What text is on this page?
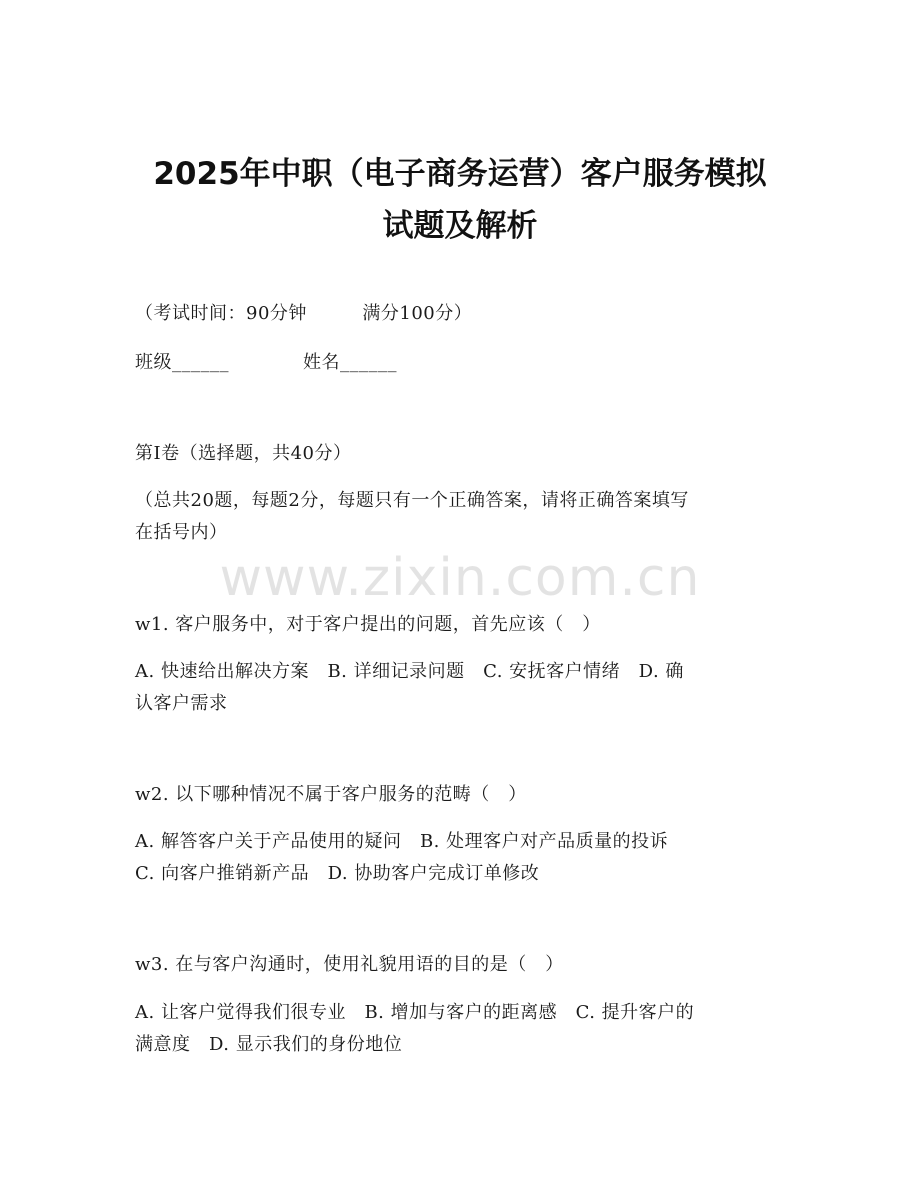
2025年中职（电子商务运营）客户服务模拟
试题及解析
（考试时间：90分钟　　　满分100分）
班级______　　　　姓名______
第I卷（选择题，共40分）
（总共20题，每题2分，每题只有一个正确答案，请将正确答案填写
在括号内）
www.zixin.com.cn
w1. 客户服务中，对于客户提出的问题，首先应该（　）
A. 快速给出解决方案　B. 详细记录问题　C. 安抚客户情绪　D. 确
认客户需求
w2. 以下哪种情况不属于客户服务的范畴（　）
A. 解答客户关于产品使用的疑问　B. 处理客户对产品质量的投诉
C. 向客户推销新产品　D. 协助客户完成订单修改
w3. 在与客户沟通时，使用礼貌用语的目的是（　）
A. 让客户觉得我们很专业　B. 增加与客户的距离感　C. 提升客户的
满意度　D. 显示我们的身份地位
